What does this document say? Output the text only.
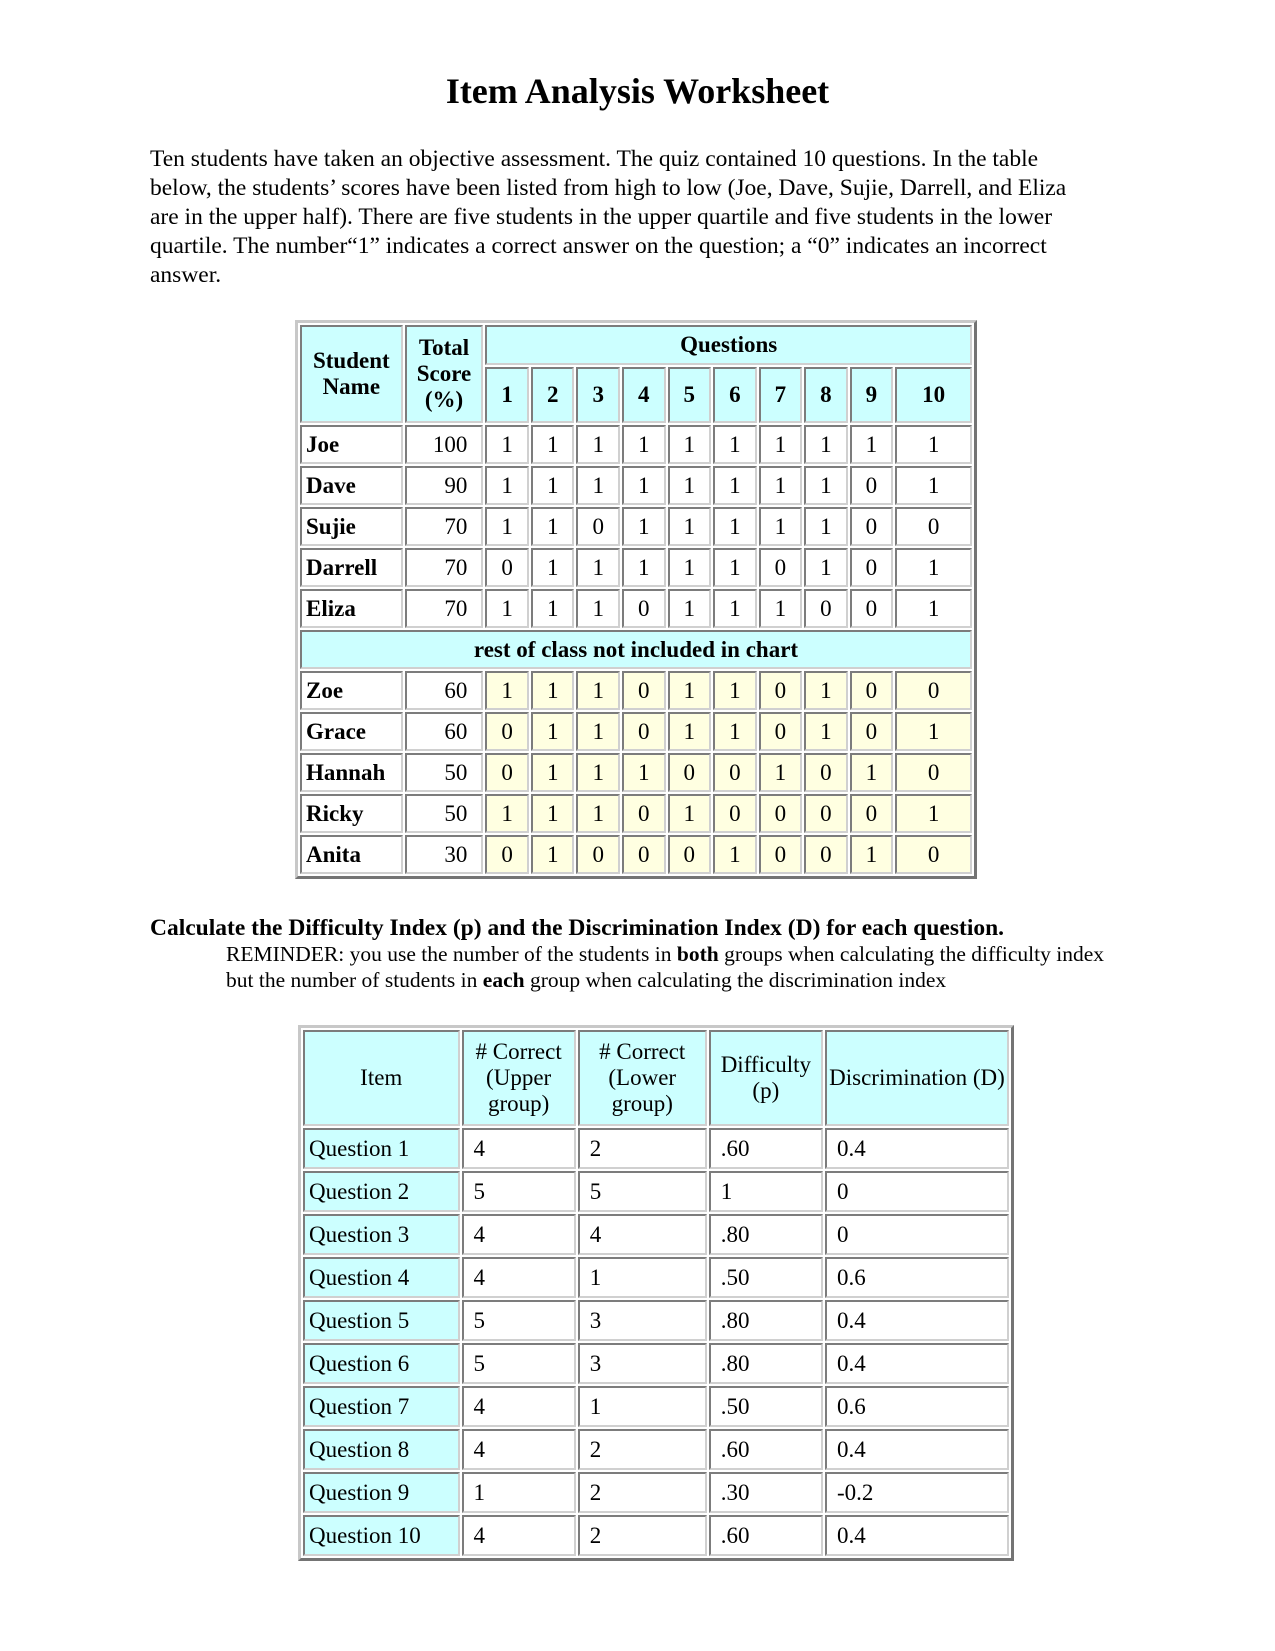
Item Analysis Worksheet

Ten students have taken an objective assessment. The quiz contained 10 questions. In the table below, the students’ scores have been listed from high to low (Joe, Dave, Sujie, Darrell, and Eliza are in the upper half). There are five students in the upper quartile and five students in the lower quartile. The number“1” indicates a correct answer on the question; a “0” indicates an incorrect answer.

Student Name	Total Score (%)	Questions									
		1	2	3	4	5	6	7	8	9	10
Joe	100	1	1	1	1	1	1	1	1	1	1
Dave	90	1	1	1	1	1	1	1	1	0	1
Sujie	70	1	1	0	1	1	1	1	1	0	0
Darrell	70	0	1	1	1	1	1	0	1	0	1
Eliza	70	1	1	1	0	1	1	1	0	0	1
rest of class not included in chart											
Zoe	60	1	1	1	0	1	1	0	1	0	0
Grace	60	0	1	1	0	1	1	0	1	0	1
Hannah	50	0	1	1	1	0	0	1	0	1	0
Ricky	50	1	1	1	0	1	0	0	0	0	1
Anita	30	0	1	0	0	0	1	0	0	1	0

Calculate the Difficulty Index (p) and the Discrimination Index (D) for each question.

REMINDER: you use the number of the students in both groups when calculating the difficulty index but the number of students in each group when calculating the discrimination index

Item	# Correct (Upper group)	# Correct (Lower group)	Difficulty (p)	Discrimination (D)
Question 1	4	2	.60	0.4
Question 2	5	5	1	0
Question 3	4	4	.80	0
Question 4	4	1	.50	0.6
Question 5	5	3	.80	0.4
Question 6	5	3	.80	0.4
Question 7	4	1	.50	0.6
Question 8	4	2	.60	0.4
Question 9	1	2	.30	-0.2
Question 10	4	2	.60	0.4
